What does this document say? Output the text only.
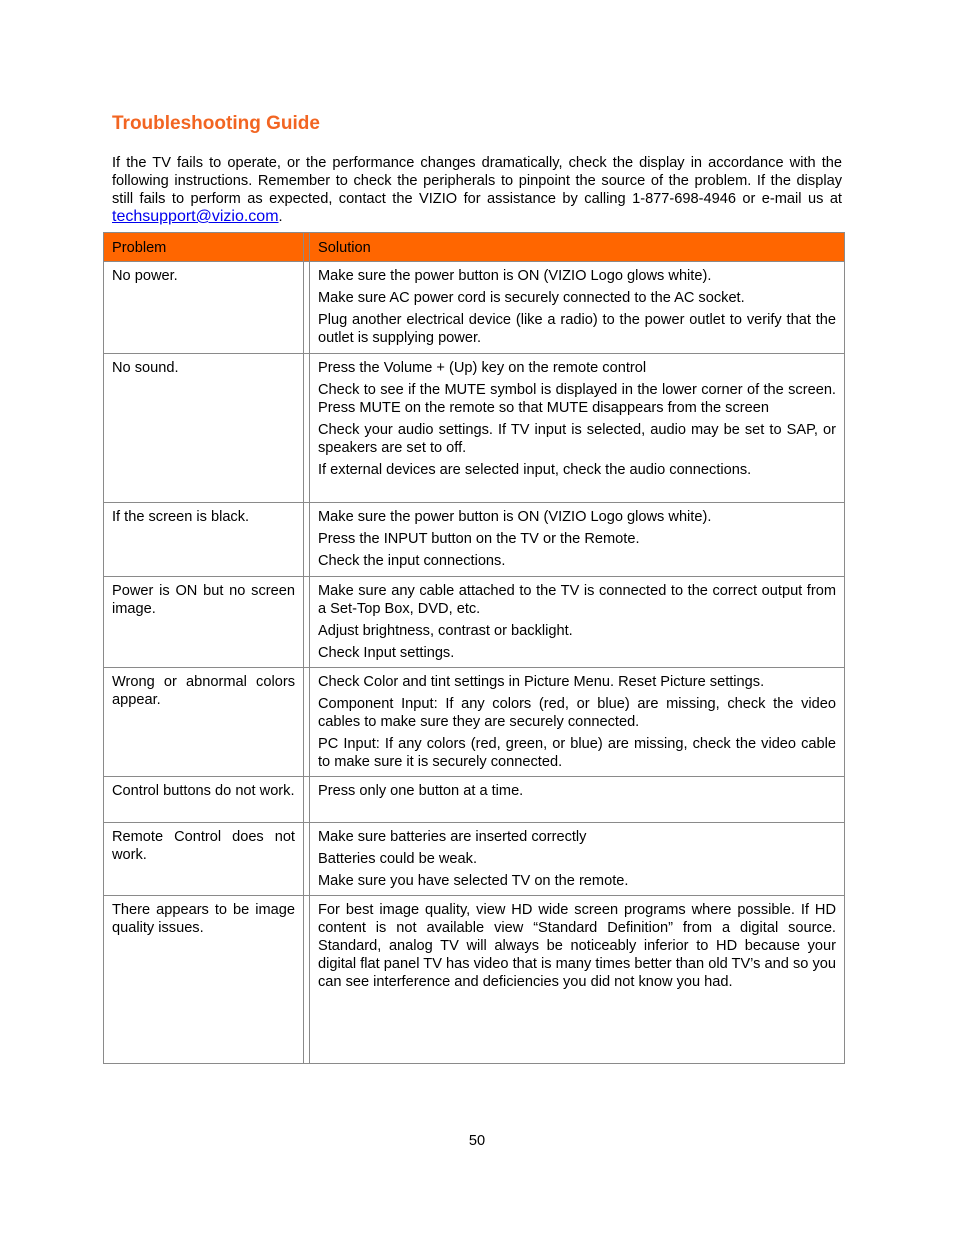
Troubleshooting Guide

If the TV fails to operate, or the performance changes dramatically, check the display in accordance with the following instructions. Remember to check the peripherals to pinpoint the source of the problem. If the display still fails to perform as expected, contact the VIZIO for assistance by calling 1-877-698-4946 or e-mail us at techsupport@vizio.com.

Problem		Solution
No power.		Make sure the power button is ON (VIZIO Logo glows white).
Make sure AC power cord is securely connected to the AC socket.
Plug another electrical device (like a radio) to the power outlet to verify that the outlet is supplying power.

No sound.		Press the Volume + (Up) key on the remote control
Check to see if the MUTE symbol is displayed in the lower corner of the screen. Press MUTE on the remote so that MUTE disappears from the screen
Check your audio settings. If TV input is selected, audio may be set to SAP, or speakers are set to off.
If external devices are selected input, check the audio connections.

If the screen is black.		Make sure the power button is ON (VIZIO Logo glows white).
Press the INPUT button on the TV or the Remote.
Check the input connections.

Power is ON but no screen image.		Make sure any cable attached to the TV is connected to the correct output from a Set-Top Box, DVD, etc.
Adjust brightness, contrast or backlight.
Check Input settings.

Wrong or abnormal colors appear.		Check Color and tint settings in Picture Menu. Reset Picture settings.
Component Input: If any colors (red, or blue) are missing, check the video cables to make sure they are securely connected.
PC Input: If any colors (red, green, or blue) are missing, check the video cable to make sure it is securely connected.

Control buttons do not work.		Press only one button at a time.

Remote Control does not work.		Make sure batteries are inserted correctly
Batteries could be weak.
Make sure you have selected TV on the remote.

There appears to be image quality issues.		For best image quality, view HD wide screen programs where possible. If HD content is not available view “Standard Definition” from a digital source. Standard, analog TV will always be noticeably inferior to HD because your digital flat panel TV has video that is many times better than old TV’s and so you can see interference and deficiencies you did not know you had.
50
